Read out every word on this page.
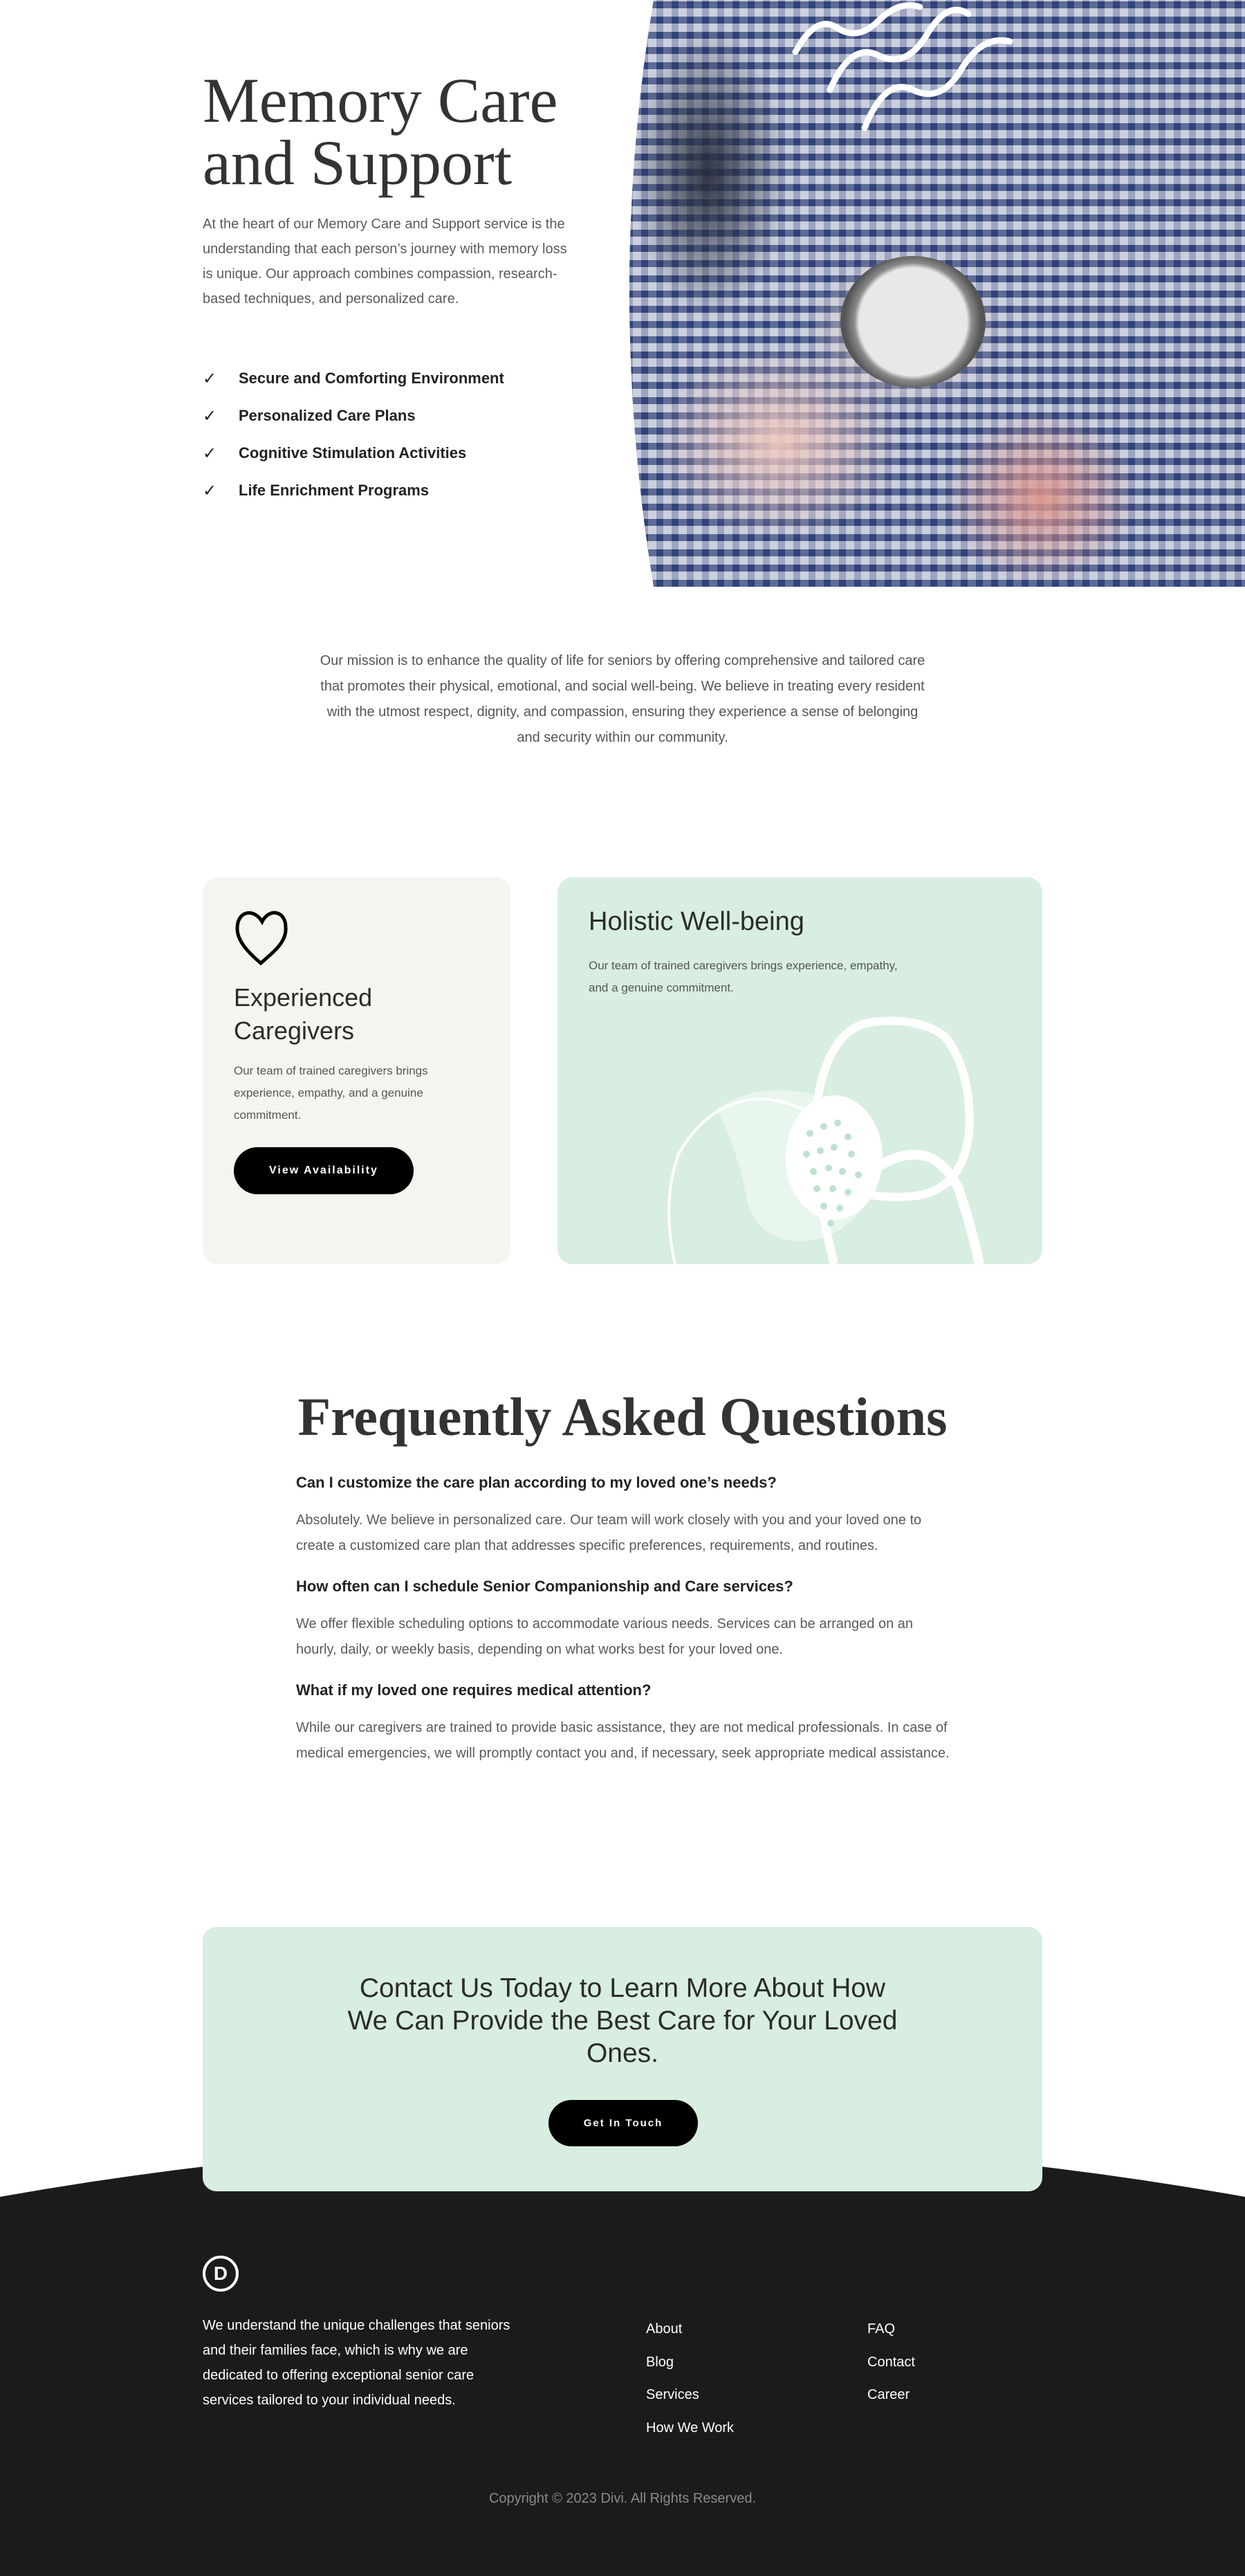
Memory Care and Support

At the heart of our Memory Care and Support service is the understanding that each person’s journey with memory loss is unique. Our approach combines compassion, research-based techniques, and personalized care.

✓	Secure and Comforting Environment
✓	Personalized Care Plans
✓	Cognitive Stimulation Activities
✓	Life Enrichment Programs

Our mission is to enhance the quality of life for seniors by offering comprehensive and tailored care that promotes their physical, emotional, and social well-being. We believe in treating every resident with the utmost respect, dignity, and compassion, ensuring they experience a sense of belonging and security within our community.

Experienced Caregivers

Our team of trained caregivers brings experience, empathy, and a genuine commitment.

View Availability
Holistic Well-being

Our team of trained caregivers brings experience, empathy, and a genuine commitment.

Frequently Asked Questions
Can I customize the care plan according to my loved one’s needs?

Absolutely. We believe in personalized care. Our team will work closely with you and your loved one to create a customized care plan that addresses specific preferences, requirements, and routines.

How often can I schedule Senior Companionship and Care services?

We offer flexible scheduling options to accommodate various needs. Services can be arranged on an hourly, daily, or weekly basis, depending on what works best for your loved one.

What if my loved one requires medical attention?

While our caregivers are trained to provide basic assistance, they are not medical professionals. In case of medical emergencies, we will promptly contact you and, if necessary, seek appropriate medical assistance.

Contact Us Today to Learn More About How We Can Provide the Best Care for Your Loved Ones.
Get In Touch
D

We understand the unique challenges that seniors and their families face, which is why we are dedicated to offering exceptional senior care services tailored to your individual needs.

About
Blog
Services
How We Work
FAQ
Contact
Career

Copyright © 2023 Divi. All Rights Reserved.
